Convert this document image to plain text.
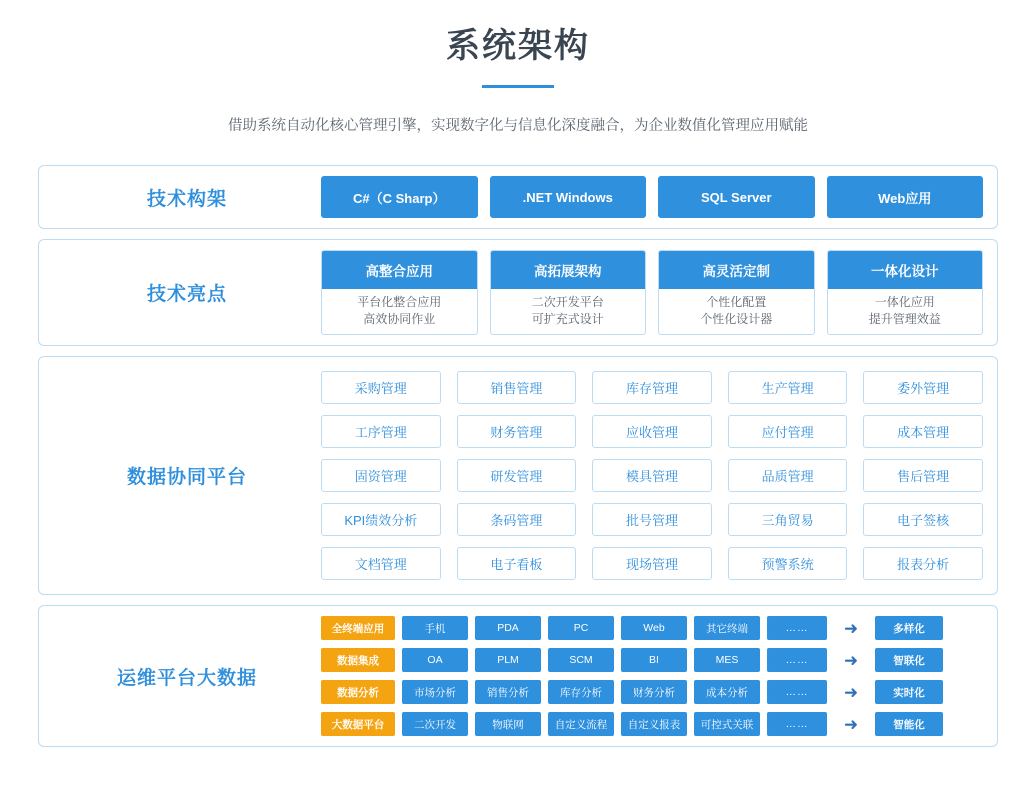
系统架构

借助系统自动化核心管理引擎，实现数字化与信息化深度融合，为企业数值化管理应用赋能

技术构架	C#（C Sharp）	.NET Windows	SQL Server	Web应用
技术亮点
高整合应用
平台化整合应用
高效协同作业
高拓展架构
二次开发平台
可扩充式设计
高灵活定制
个性化配置
个性化设计器
一体化设计
一体化应用
提升管理效益
数据协同平台
采购管理	销售管理	库存管理	生产管理	委外管理
工序管理	财务管理	应收管理	应付管理	成本管理
固资管理	研发管理	模具管理	品质管理	售后管理
KPI绩效分析	条码管理	批号管理	三角贸易	电子签核
文档管理	电子看板	现场管理	预警系统	报表分析
运维平台大数据
全终端应用	手机	PDA	PC	Web	其它终端	……	➜	多样化
数据集成	OA	PLM	SCM	BI	MES	……	➜	智联化
数据分析	市场分析	销售分析	库存分析	财务分析	成本分析	……	➜	实时化
大数据平台	二次开发	物联网	自定义流程	自定义报表	可控式关联	……	➜	智能化
